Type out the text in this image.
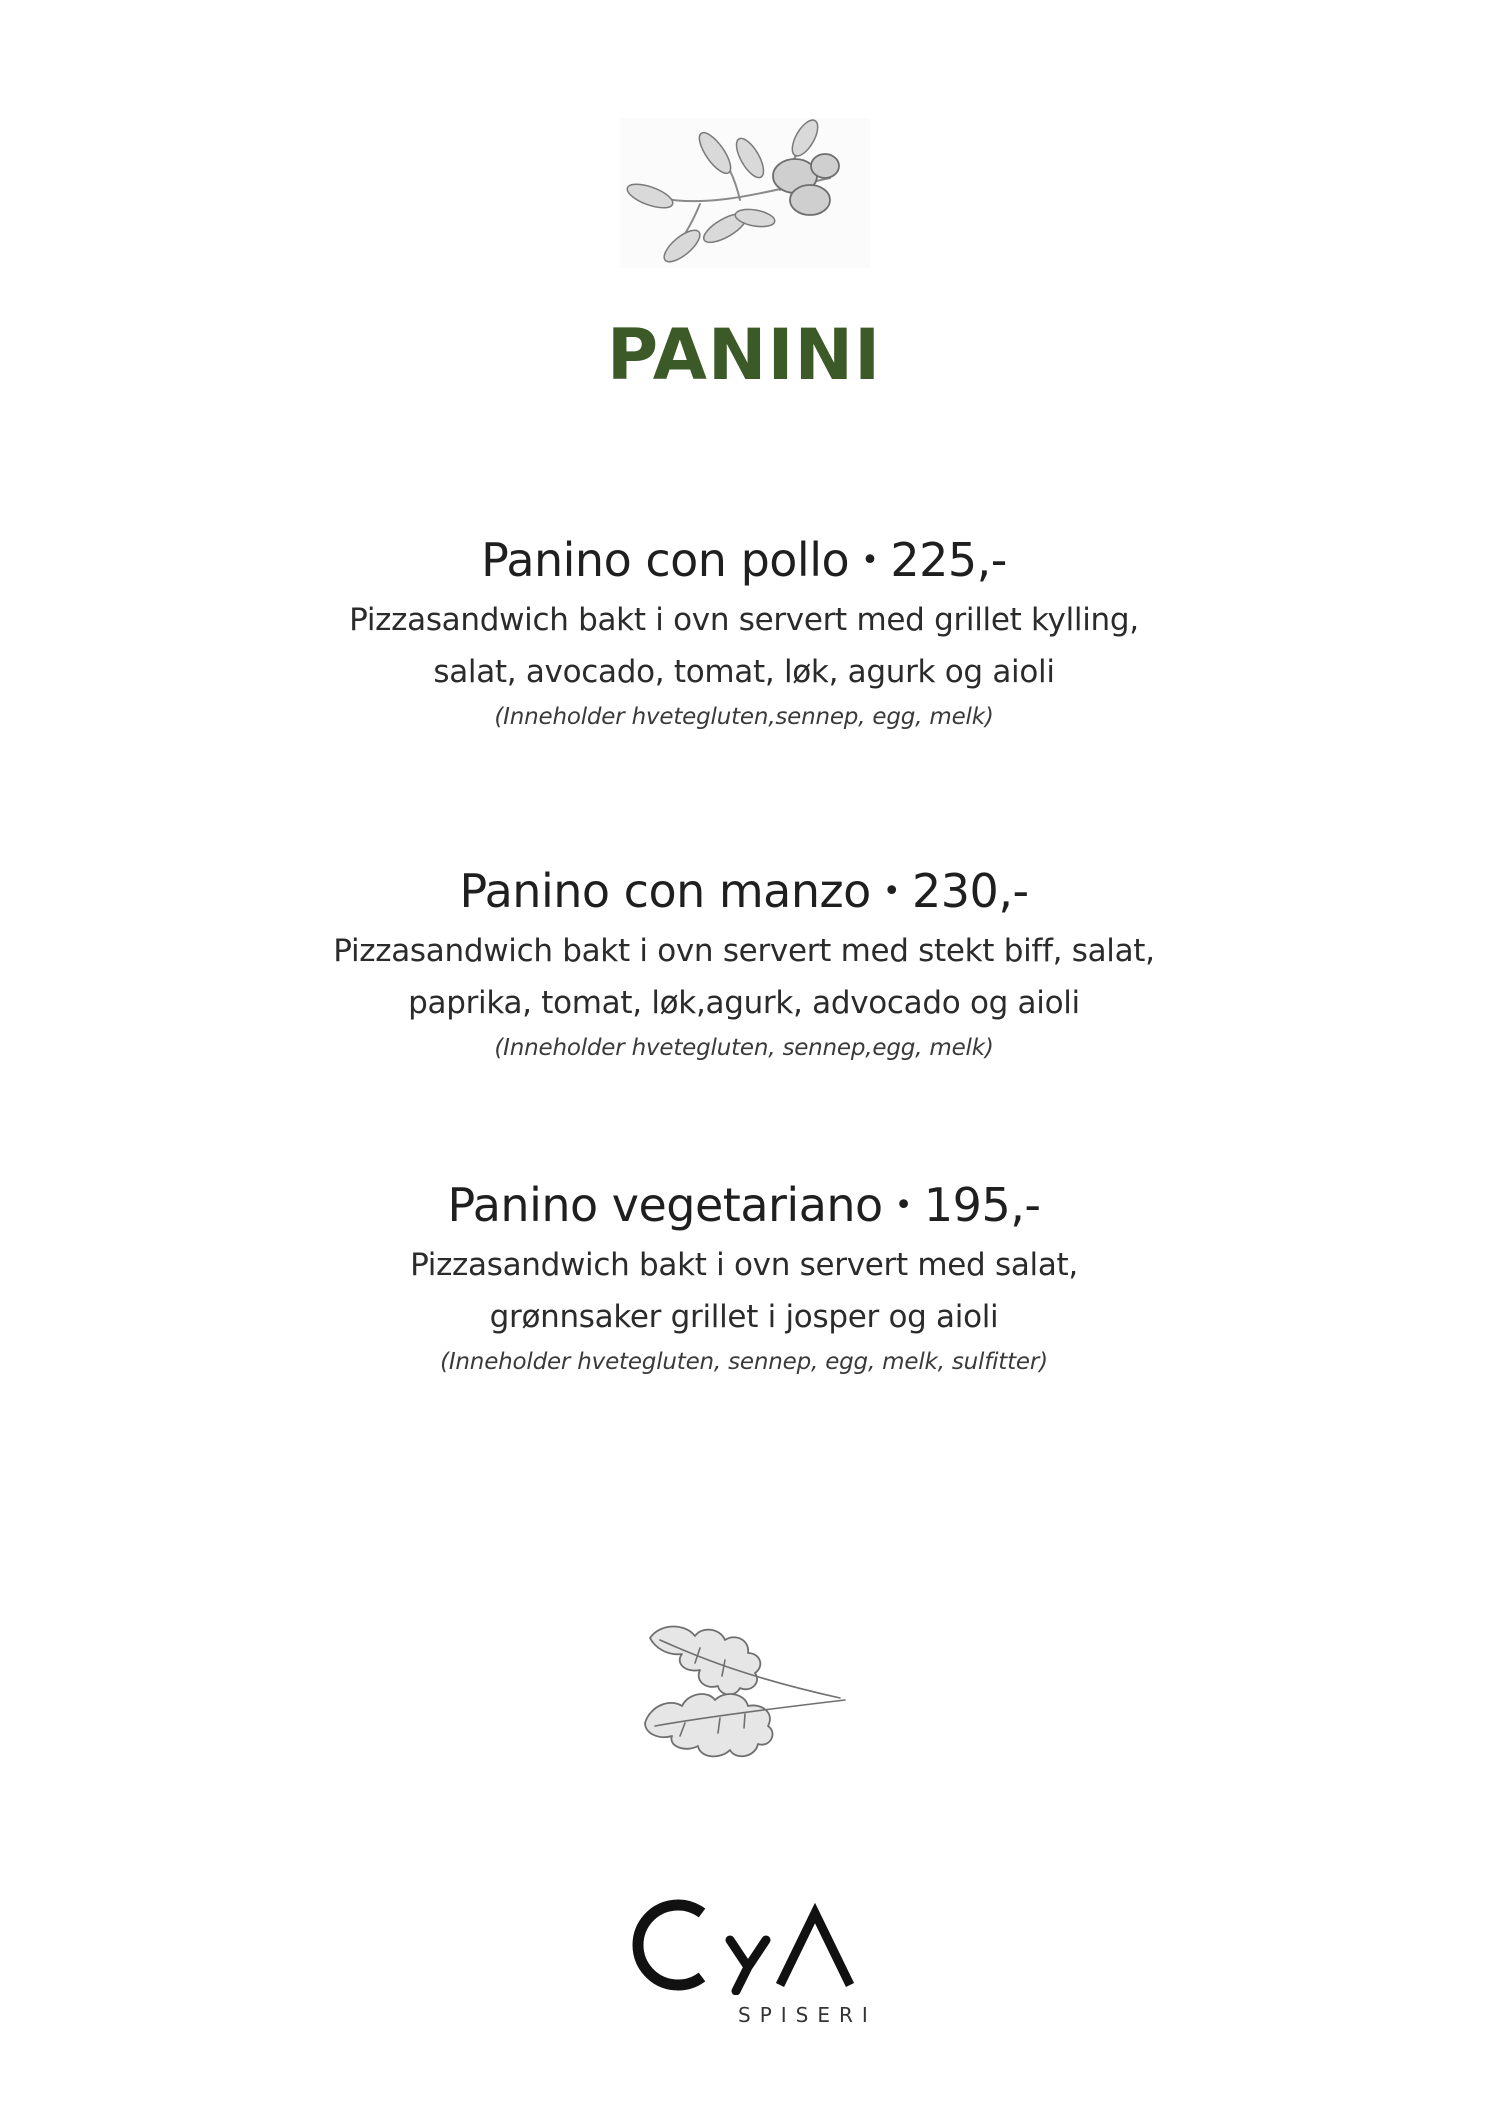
PANINI
Panino con pollo • 225,-
Pizzasandwich bakt i ovn servert med grillet kylling,
salat, avocado, tomat, løk, agurk og aioli
(Inneholder hvetegluten,sennep, egg, melk)
Panino con manzo • 230,-
Pizzasandwich bakt i ovn servert med stekt biff, salat,
paprika, tomat, løk,agurk, advocado og aioli
(Inneholder hvetegluten, sennep,egg, melk)
Panino vegetariano • 195,-
Pizzasandwich bakt i ovn servert med salat,
grønnsaker grillet i josper og aioli
(Inneholder hvetegluten, sennep, egg, melk, sulfitter)
OYA
SPISERI
